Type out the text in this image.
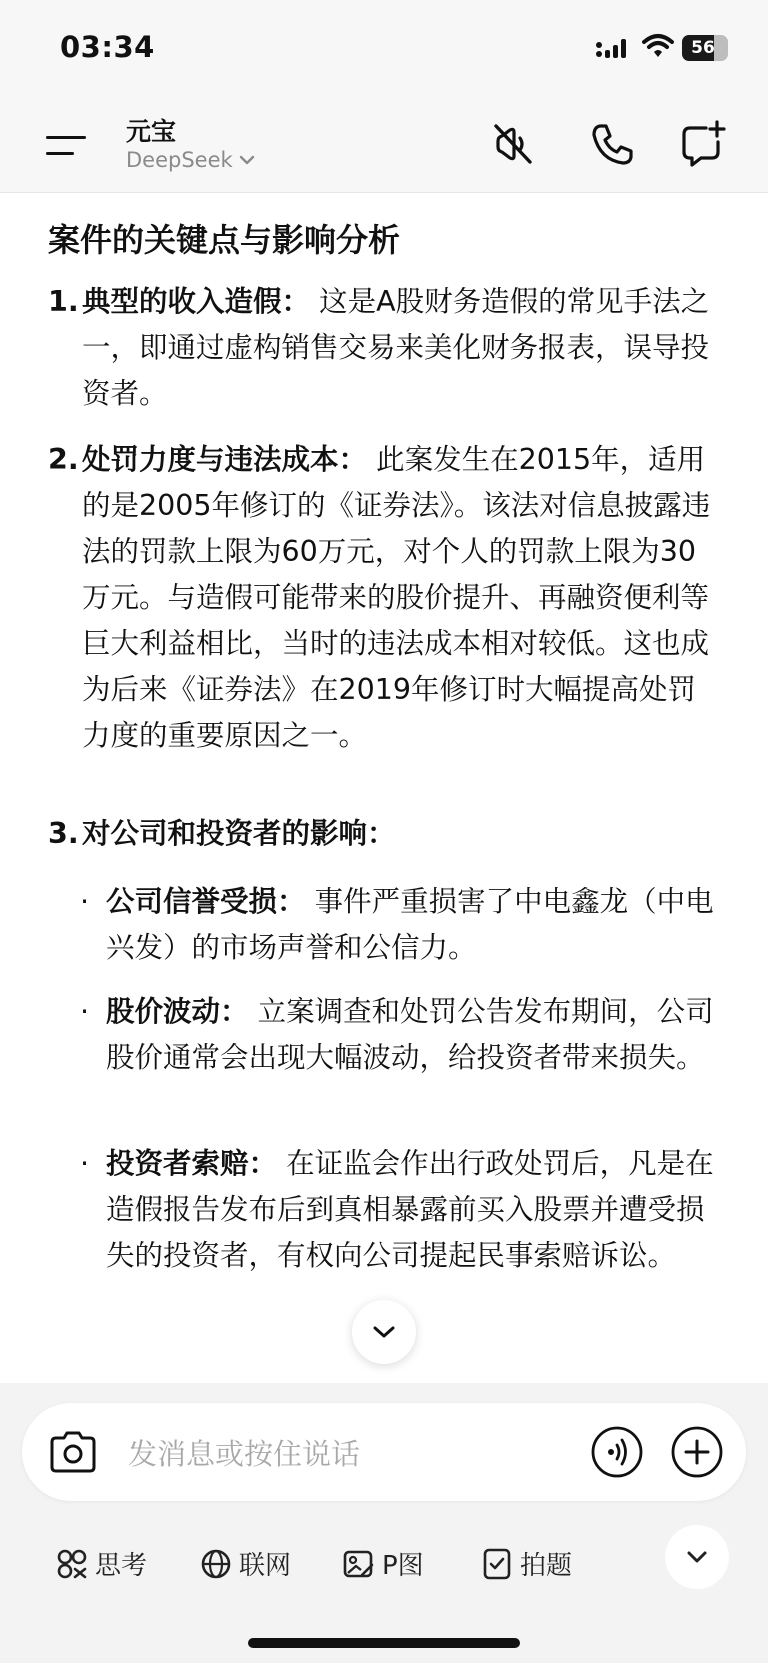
03:34	56
元宝
DeepSeek
案件的关键点与影响分析
1. 典型的收入造假： 这是A股财务造假的常见手法之一，即通过虚构销售交易来美化财务报表，误导投资者。
2. 处罚力度与违法成本： 此案发生在2015年，适用的是2005年修订的《证券法》。该法对信息披露违法的罚款上限为60万元，对个人的罚款上限为30万元。与造假可能带来的股价提升、再融资便利等巨大利益相比，当时的违法成本相对较低。这也成为后来《证券法》在2019年修订时大幅提高处罚力度的重要原因之一。
3. 对公司和投资者的影响：
· 公司信誉受损： 事件严重损害了中电鑫龙（中电兴发）的市场声誉和公信力。
· 股价波动： 立案调查和处罚公告发布期间，公司股价通常会出现大幅波动，给投资者带来损失。
· 投资者索赔： 在证监会作出行政处罚后，凡是在造假报告发布后到真相暴露前买入股票并遭受损失的投资者，有权向公司提起民事索赔诉讼。
发消息或按住说话
思考	联网	P图	拍题
